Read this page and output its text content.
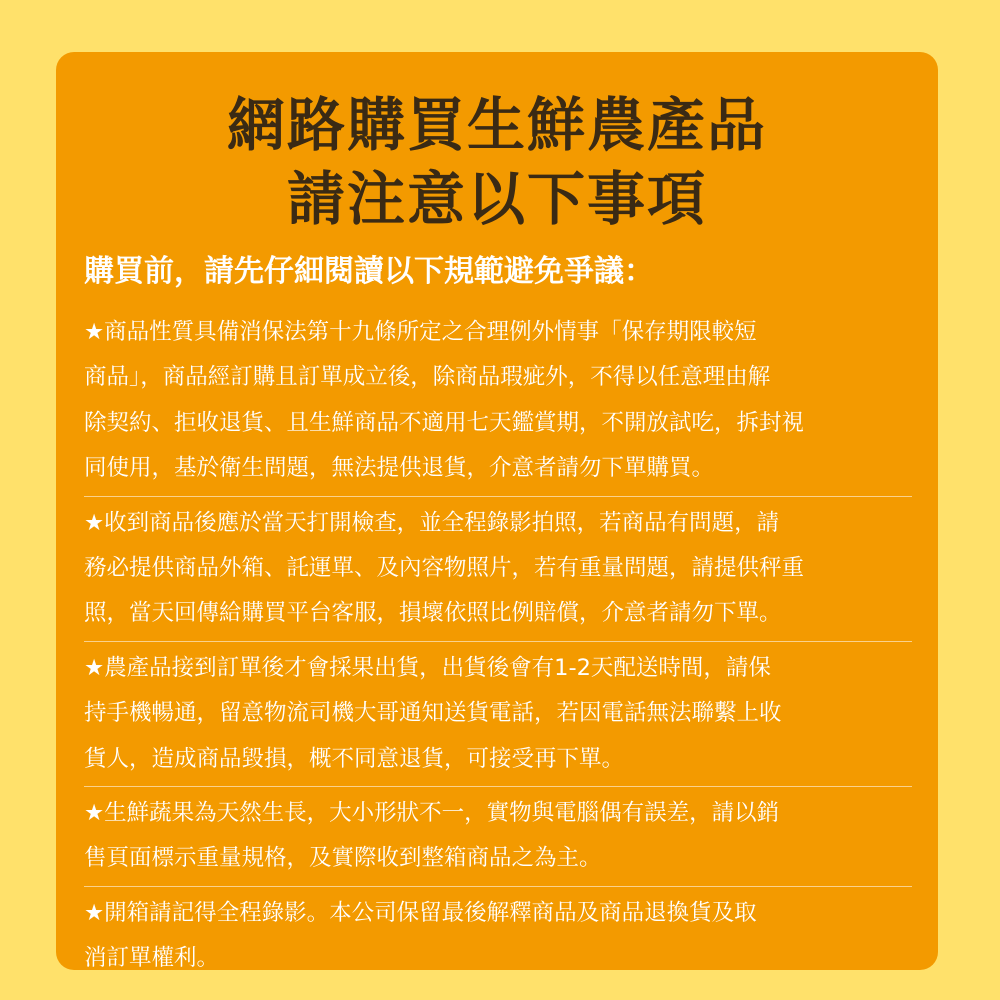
網路購買生鮮農產品
請注意以下事項
購買前，請先仔細閱讀以下規範避免爭議：
★商品性質具備消保法第十九條所定之合理例外情事「保存期限較短
商品」，商品經訂購且訂單成立後，除商品瑕疵外，不得以任意理由解
除契約、拒收退貨、且生鮮商品不適用七天鑑賞期，不開放試吃，拆封視
同使用，基於衛生問題，無法提供退貨，介意者請勿下單購買。
★收到商品後應於當天打開檢查，並全程錄影拍照，若商品有問題，請
務必提供商品外箱、託運單、及內容物照片，若有重量問題，請提供秤重
照，當天回傳給購買平台客服，損壞依照比例賠償，介意者請勿下單。
★農產品接到訂單後才會採果出貨，出貨後會有1-2天配送時間，請保
持手機暢通，留意物流司機大哥通知送貨電話，若因電話無法聯繫上收
貨人，造成商品毀損，概不同意退貨，可接受再下單。
★生鮮蔬果為天然生長，大小形狀不一，實物與電腦偶有誤差，請以銷
售頁面標示重量規格，及實際收到整箱商品之為主。
★開箱請記得全程錄影。本公司保留最後解釋商品及商品退換貨及取
消訂單權利。
